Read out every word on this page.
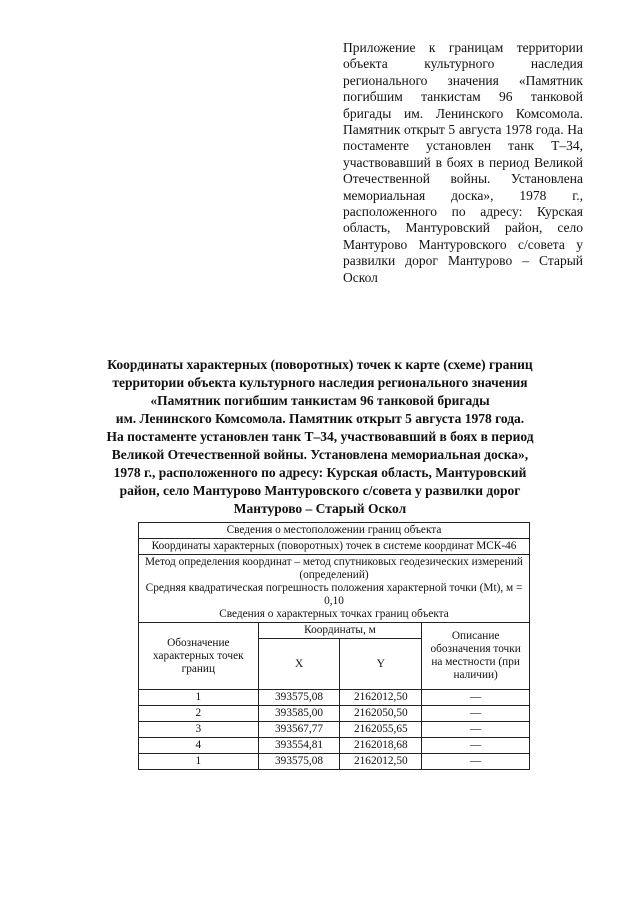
Приложение к границам территории объекта культурного наследия регионального значения «Памятник погибшим танкистам 96 танковой бригады им. Ленинского Комсомола. Памятник открыт 5 августа 1978 года. На постаменте установлен танк Т–34, участвовавший в боях в период Великой Отечественной войны. Установлена мемориальная доска», 1978 г., расположенного по адресу: Курская область, Мантуровский район, село Мантурово Мантуровского с/совета у развилки дорог Мантурово – Старый Оскол
Координаты характерных (поворотных) точек к карте (схеме) границ
территории объекта культурного наследия регионального значения
«Памятник погибшим танкистам 96 танковой бригады
им. Ленинского Комсомола. Памятник открыт 5 августа 1978 года.
На постаменте установлен танк Т–34, участвовавший в боях в период
Великой Отечественной войны. Установлена мемориальная доска»,
1978 г., расположенного по адресу: Курская область, Мантуровский
район, село Мантурово Мантуровского с/совета у развилки дорог
Мантурово – Старый Оскол
Сведения о местоположении границ объекта			
Координаты характерных (поворотных) точек в системе координат МСК-46			

Метод определения координат – метод спутниковых геодезических измерений (определений)
Средняя квадратическая погрешность положения характерной точки (Mt), м = 0,10
Сведения о характерных точках границ объекта			

Обозначение характерных точек границ	Координаты, м		Описание обозначения точки на местности (при наличии)
	X	Y	
1	393575,08	2162012,50	—
2	393585,00	2162050,50	—
3	393567,77	2162055,65	—
4	393554,81	2162018,68	—
1	393575,08	2162012,50	—
